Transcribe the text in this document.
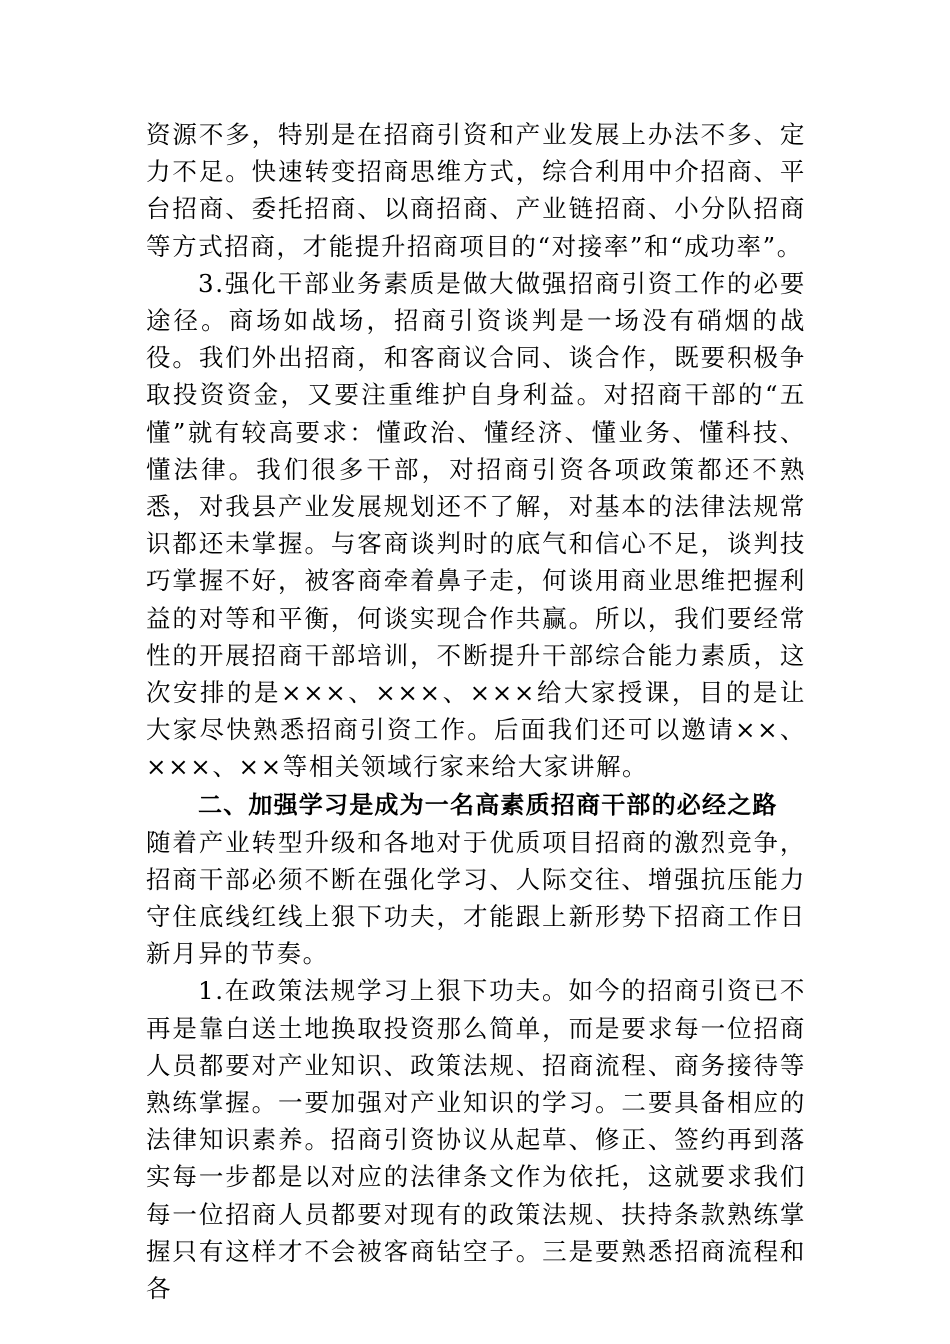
资源不多，特别是在招商引资和产业发展上办法不多、定力不足。快速转变招商思维方式，综合利用中介招商、平台招商、委托招商、以商招商、产业链招商、小分队招商等方式招商，才能提升招商项目的“对接率”和“成功率”。

3.强化干部业务素质是做大做强招商引资工作的必要途径。商场如战场，招商引资谈判是一场没有硝烟的战役。我们外出招商，和客商议合同、谈合作，既要积极争取投资资金，又要注重维护自身利益。对招商干部的“五懂”就有较高要求：懂政治、懂经济、懂业务、懂科技、懂法律。我们很多干部，对招商引资各项政策都还不熟悉，对我县产业发展规划还不了解，对基本的法律法规常识都还未掌握。与客商谈判时的底气和信心不足，谈判技巧掌握不好，被客商牵着鼻子走，何谈用商业思维把握利益的对等和平衡，何谈实现合作共赢。所以，我们要经常性的开展招商干部培训，不断提升干部综合能力素质，这次安排的是×××、×××、×××给大家授课，目的是让大家尽快熟悉招商引资工作。后面我们还可以邀请××、×××、××等相关领域行家来给大家讲解。

二、加强学习是成为一名高素质招商干部的必经之路

随着产业转型升级和各地对于优质项目招商的激烈竞争，招商干部必须不断在强化学习、人际交往、增强抗压能力守住底线红线上狠下功夫，才能跟上新形势下招商工作日新月异的节奏。

1.在政策法规学习上狠下功夫。如今的招商引资已不再是靠白送土地换取投资那么简单，而是要求每一位招商人员都要对产业知识、政策法规、招商流程、商务接待等熟练掌握。一要加强对产业知识的学习。二要具备相应的法律知识素养。招商引资协议从起草、修正、签约再到落实每一步都是以对应的法律条文作为依托，这就要求我们每一位招商人员都要对现有的政策法规、扶持条款熟练掌握只有这样才不会被客商钻空子。三是要熟悉招商流程和各
